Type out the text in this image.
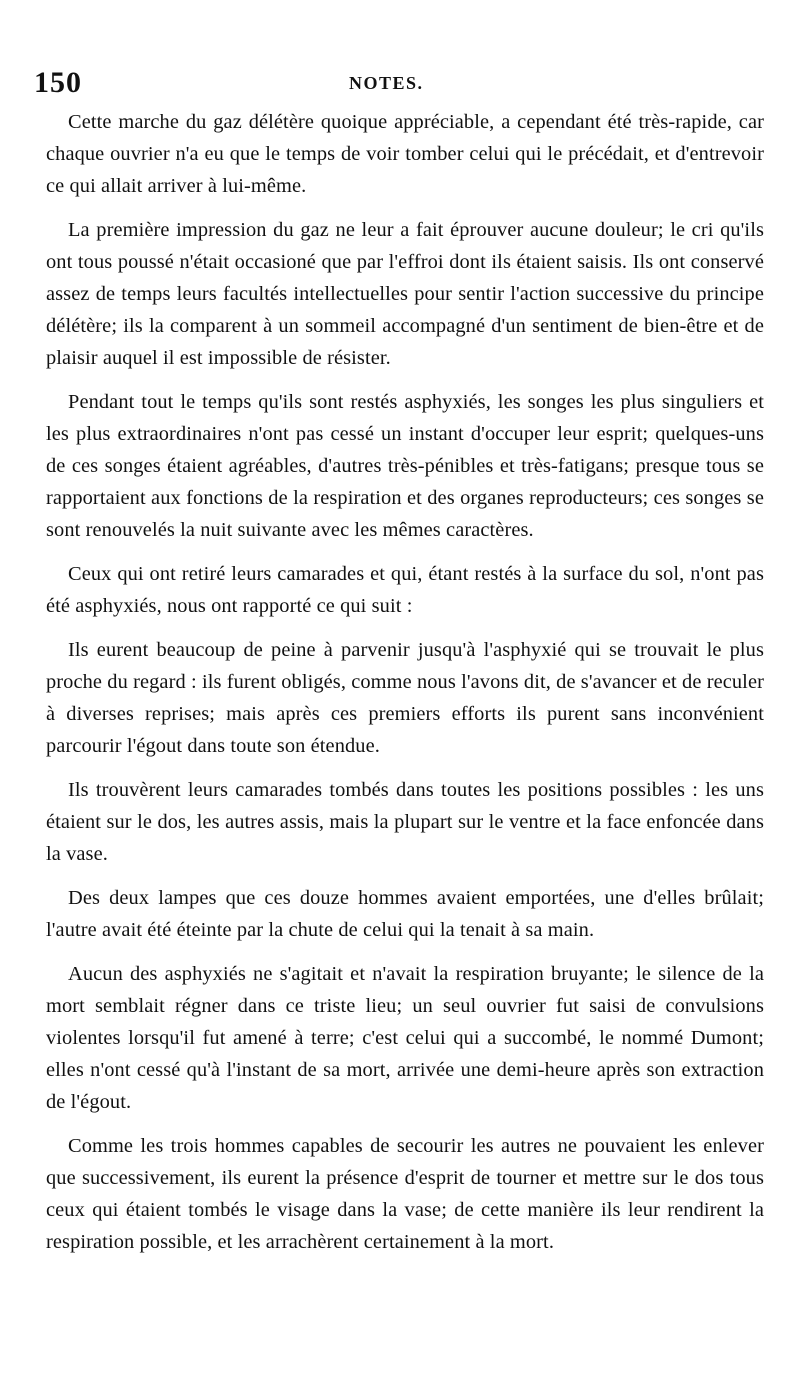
150	NOTES.

Cette marche du gaz délétère quoique appréciable, a cependant été très-rapide, car chaque ouvrier n'a eu que le temps de voir tomber celui qui le précédait, et d'entrevoir ce qui allait arriver à lui-même.

La première impression du gaz ne leur a fait éprouver aucune douleur; le cri qu'ils ont tous poussé n'était occasioné que par l'effroi dont ils étaient saisis. Ils ont conservé assez de temps leurs facultés intellectuelles pour sentir l'action successive du principe délétère; ils la comparent à un sommeil accompagné d'un sentiment de bien-être et de plaisir auquel il est impossible de résister.

Pendant tout le temps qu'ils sont restés asphyxiés, les songes les plus singuliers et les plus extraordinaires n'ont pas cessé un instant d'occuper leur esprit; quelques-uns de ces songes étaient agréables, d'autres très-pénibles et très-fatigans; presque tous se rapportaient aux fonctions de la respiration et des organes reproducteurs; ces songes se sont renouvelés la nuit suivante avec les mêmes caractères.

Ceux qui ont retiré leurs camarades et qui, étant restés à la surface du sol, n'ont pas été asphyxiés, nous ont rapporté ce qui suit :

Ils eurent beaucoup de peine à parvenir jusqu'à l'asphyxié qui se trouvait le plus proche du regard : ils furent obligés, comme nous l'avons dit, de s'avancer et de reculer à diverses reprises; mais après ces premiers efforts ils purent sans inconvénient parcourir l'égout dans toute son étendue.

Ils trouvèrent leurs camarades tombés dans toutes les positions possibles : les uns étaient sur le dos, les autres assis, mais la plupart sur le ventre et la face enfoncée dans la vase.

Des deux lampes que ces douze hommes avaient emportées, une d'elles brûlait; l'autre avait été éteinte par la chute de celui qui la tenait à sa main.

Aucun des asphyxiés ne s'agitait et n'avait la respiration bruyante; le silence de la mort semblait régner dans ce triste lieu; un seul ouvrier fut saisi de convulsions violentes lorsqu'il fut amené à terre; c'est celui qui a succombé, le nommé Dumont; elles n'ont cessé qu'à l'instant de sa mort, arrivée une demi-heure après son extraction de l'égout.

Comme les trois hommes capables de secourir les autres ne pouvaient les enlever que successivement, ils eurent la présence d'esprit de tourner et mettre sur le dos tous ceux qui étaient tombés le visage dans la vase; de cette manière ils leur rendirent la respiration possible, et les arrachèrent certainement à la mort.
